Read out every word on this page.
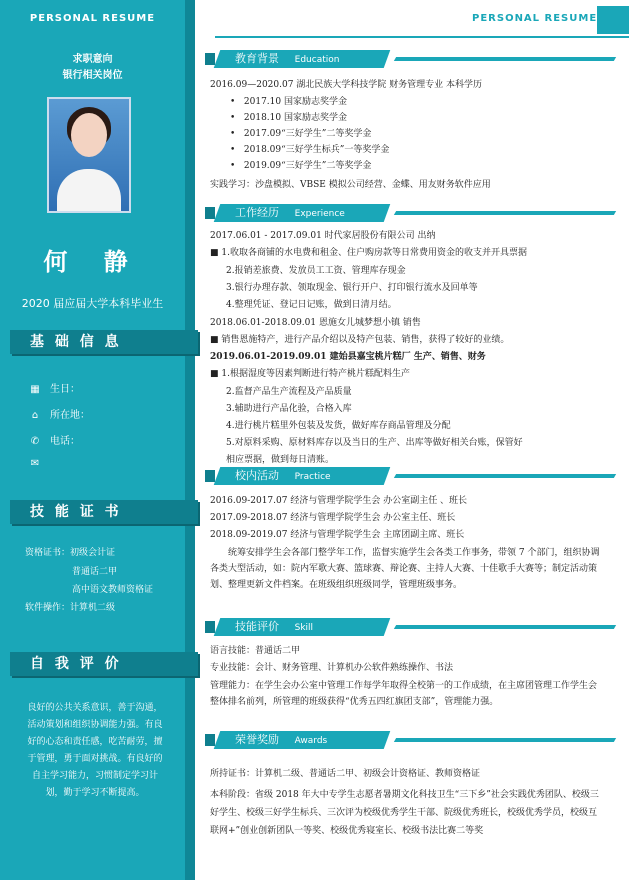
PERSONAL RESUME
求职意向
银行相关岗位
何 静
2020 届应届大学本科毕业生
基 础 信 息
▦ 生日：
⌂ 所在地：
✆ 电话：
✉
技 能 证 书
资格证书：初级会计证
普通话二甲
高中语文教师资格证
软件操作：计算机二级
自 我 评 价
良好的公共关系意识，善于沟通，活动策划和组织协调能力强。有良好的心态和责任感，吃苦耐劳，擅于管理，勇于面对挑战。有良好的自主学习能力，习惯制定学习计划，勤于学习不断提高。
PERSONAL RESUME
教育背景 Education
2016.09—2020.07 湖北民族大学科技学院 财务管理专业 本科学历
•   2017.10 国家励志奖学金
•   2018.10 国家励志奖学金
•   2017.09“三好学生”二等奖学金
•   2018.09“三好学生标兵”一等奖学金
•   2019.09“三好学生”二等奖学金
实践学习：沙盘模拟、VBSE 模拟公司经营、金蝶、用友财务软件应用
工作经历 Experience
2017.06.01 - 2017.09.01 时代家居股份有限公司 出纳
■ 1.收取各商铺的水电费和租金、住户购房款等日常费用资金的收支并开具票据
2.报销差旅费、发放员工工资、管理库存现金
3.银行办理存款、领取现金、银行开户、打印银行流水及回单等
4.整理凭证、登记日记账，做到日清月结。
2018.06.01-2018.09.01 恩施女儿城梦想小镇 销售
■ 销售恩施特产，进行产品介绍以及特产包装、销售，获得了较好的业绩。
2019.06.01-2019.09.01 建始县嘉宝桃片糕厂 生产、销售、财务
■ 1.根据湿度等因素判断进行特产桃片糕配料生产
2.监督产品生产流程及产品质量
3.辅助进行产品化验，合格入库
4.进行桃片糕里外包装及发货，做好库存商品管理及分配
5.对原料采购、原材料库存以及当日的生产、出库等做好相关台账，保管好
相应票据，做到每日清账。
校内活动 Practice
2016.09-2017.07 经济与管理学院学生会 办公室副主任 、班长
2017.09-2018.07 经济与管理学院学生会 办公室主任、班长
2018.09-2019.07 经济与管理学院学生会 主席团副主席、班长
统筹安排学生会各部门整学年工作，监督实施学生会各类工作事务，带领 7 个部门，组织协调各类大型活动，如：院内军歌大赛、篮球赛、辩论赛、主持人大赛、十佳歌手大赛等；制定活动策划、整理更新文件档案。在班级组织班级同学，管理班级事务。
技能评价 Skill
语言技能：普通话二甲
专业技能：会计、财务管理、计算机办公软件熟练操作、书法
管理能力：在学生会办公室中管理工作每学年取得全校第一的工作成绩，在主席团管理工作学生会整体排名前列，所管理的班级获得“优秀五四红旗团支部”，管理能力强。
荣誉奖励 Awards
所持证书：计算机二级、普通话二甲、初级会计资格证、教师资格证
本科阶段：省级 2018 年大中专学生志愿者暑期文化科技卫生“三下乡”社会实践优秀团队、校级三好学生、校级三好学生标兵、三次评为校级优秀学生干部、院级优秀班长，校级优秀学员，校级互联网+”创业创新团队一等奖、校级优秀寝室长、校级书法比赛二等奖
